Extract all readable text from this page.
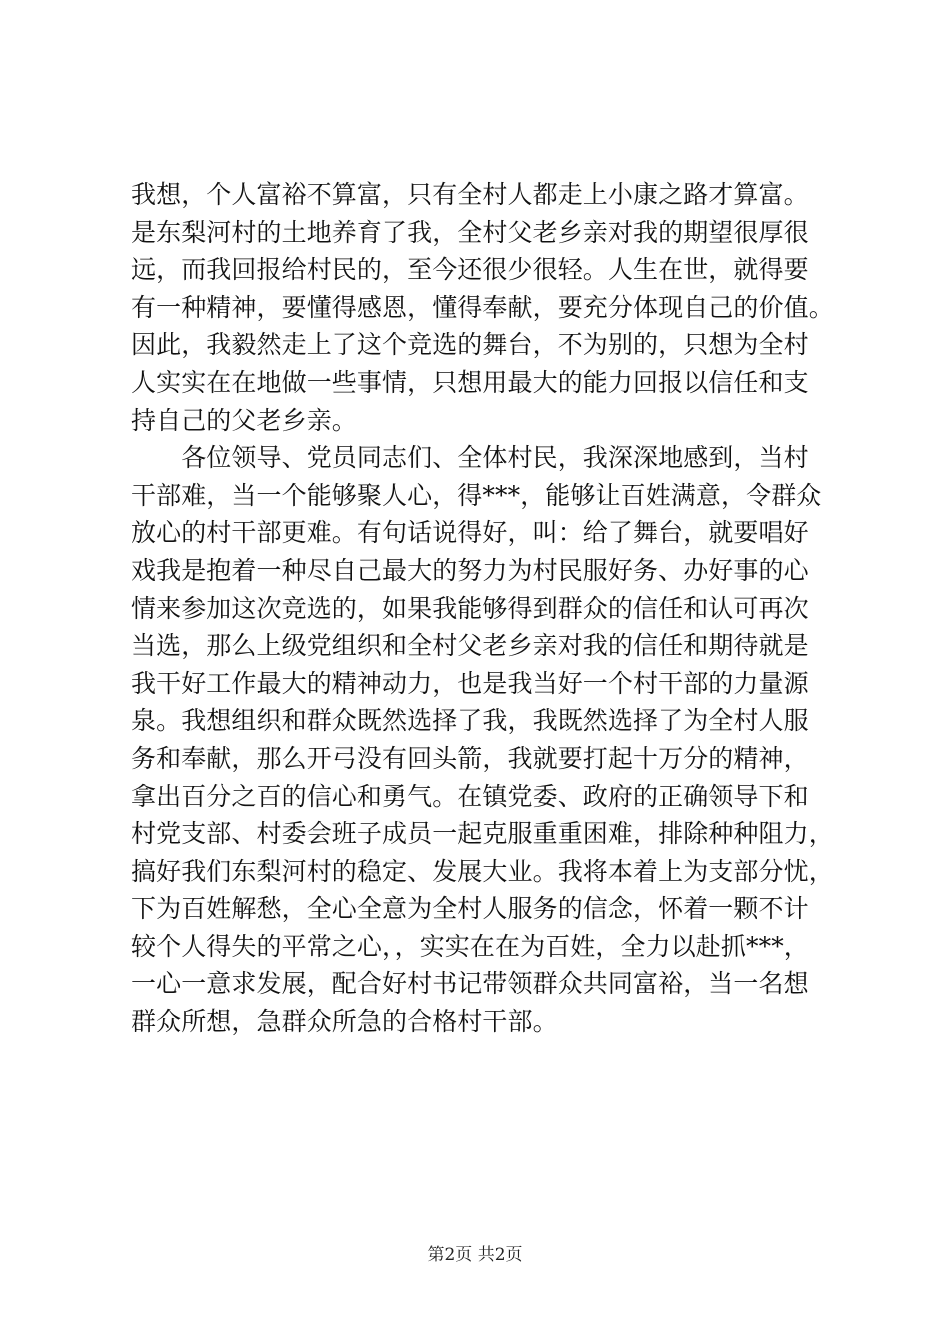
我想，个人富裕不算富，只有全村人都走上小康之路才算富。
是东梨河村的土地养育了我，全村父老乡亲对我的期望很厚很
远，而我回报给村民的，至今还很少很轻。人生在世，就得要
有一种精神，要懂得感恩，懂得奉献，要充分体现自己的价值。
因此，我毅然走上了这个竞选的舞台，不为别的，只想为全村
人实实在在地做一些事情，只想用最大的能力回报以信任和支
持自己的父老乡亲。
　　各位领导、党员同志们、全体村民，我深深地感到，当村
干部难，当一个能够聚人心，得***，能够让百姓满意，令群众
放心的村干部更难。有句话说得好，叫：给了舞台，就要唱好
戏我是抱着一种尽自己最大的努力为村民服好务、办好事的心
情来参加这次竞选的，如果我能够得到群众的信任和认可再次
当选，那么上级党组织和全村父老乡亲对我的信任和期待就是
我干好工作最大的精神动力，也是我当好一个村干部的力量源
泉。我想组织和群众既然选择了我，我既然选择了为全村人服
务和奉献，那么开弓没有回头箭，我就要打起十万分的精神，
拿出百分之百的信心和勇气。在镇党委、政府的正确领导下和
村党支部、村委会班子成员一起克服重重困难，排除种种阻力，
搞好我们东梨河村的稳定、发展大业。我将本着上为支部分忧，
下为百姓解愁，全心全意为全村人服务的信念，怀着一颗不计
较个人得失的平常之心，，实实在在为百姓，全力以赴抓***，
一心一意求发展，配合好村书记带领群众共同富裕，当一名想
群众所想，急群众所急的合格村干部。
第2页 共2页
